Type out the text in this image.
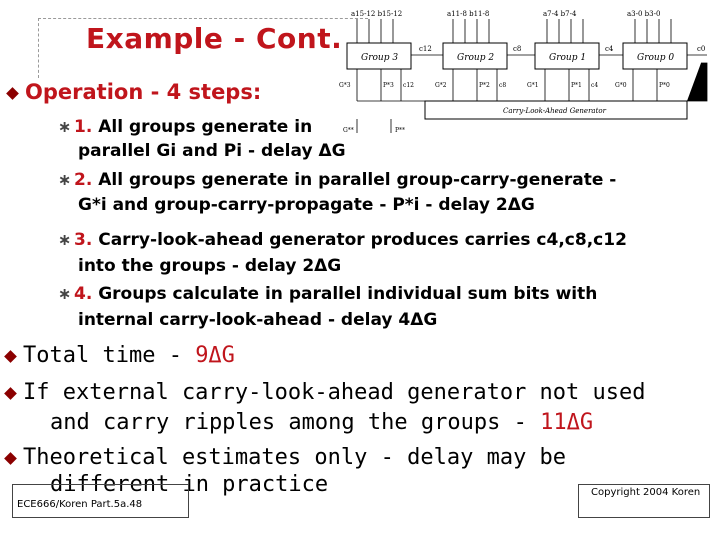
Example - Cont.
a15-12 b15-12	a11-8 b11-8	a7-4 b7-4	a3-0 b3-0
Group 3	Group 2	Group 1	Group 0
c12	c8	c4	c0
G*3	P*3 c12	G*2	P*2 c8	G*1	P*1 c4	G*0	P*0
Carry-Look-Ahead Generator
G**	P**
Operation - 4 steps:
∗ 1. All groups generate in
parallel Gi and Pi - delay ΔG
∗ 2. All groups generate in parallel group-carry-generate -
G*i and group-carry-propagate - P*i - delay 2ΔG
∗ 3. Carry-look-ahead generator produces carries c4,c8,c12
into the groups - delay 2ΔG
∗ 4. Groups calculate in parallel individual sum bits with
internal carry-look-ahead - delay 4ΔG
Total time - 9ΔG
If external carry-look-ahead generator not used
and carry ripples among the groups - 11ΔG
Theoretical estimates only - delay may be
different in practice
ECE666/Koren Part.5a.48
Copyright 2004 Koren
